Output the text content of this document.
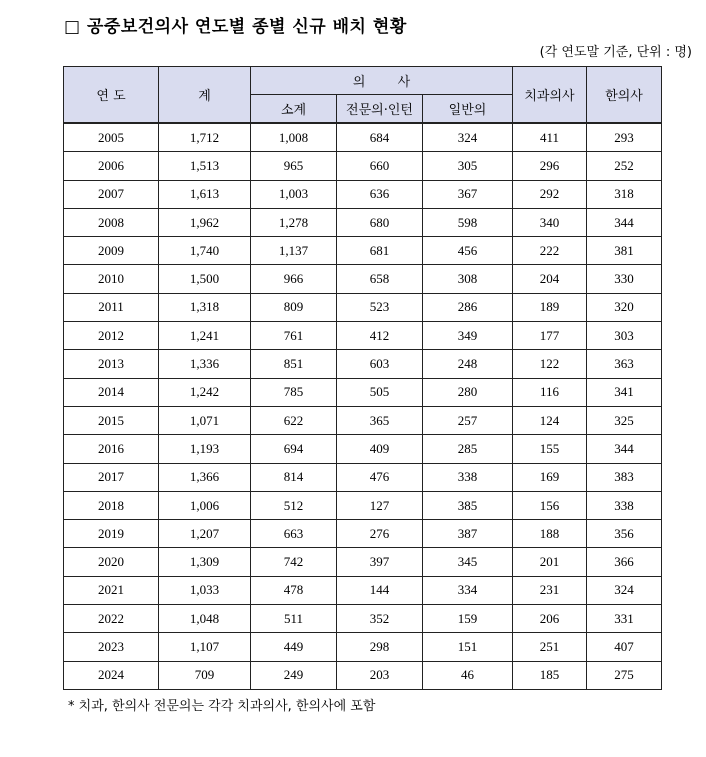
□ 공중보건의사 연도별 종별 신규 배치 현황
(각 연도말 기준, 단위 : 명)
연 도	계	의 사			치과의사	한의사
		소계	전문의·인턴	일반의		
2005	1,712	1,008	684	324	411	293
2006	1,513	965	660	305	296	252
2007	1,613	1,003	636	367	292	318
2008	1,962	1,278	680	598	340	344
2009	1,740	1,137	681	456	222	381
2010	1,500	966	658	308	204	330
2011	1,318	809	523	286	189	320
2012	1,241	761	412	349	177	303
2013	1,336	851	603	248	122	363
2014	1,242	785	505	280	116	341
2015	1,071	622	365	257	124	325
2016	1,193	694	409	285	155	344
2017	1,366	814	476	338	169	383
2018	1,006	512	127	385	156	338
2019	1,207	663	276	387	188	356
2020	1,309	742	397	345	201	366
2021	1,033	478	144	334	231	324
2022	1,048	511	352	159	206	331
2023	1,107	449	298	151	251	407
2024	709	249	203	46	185	275
* 치과, 한의사 전문의는 각각 치과의사, 한의사에 포함
